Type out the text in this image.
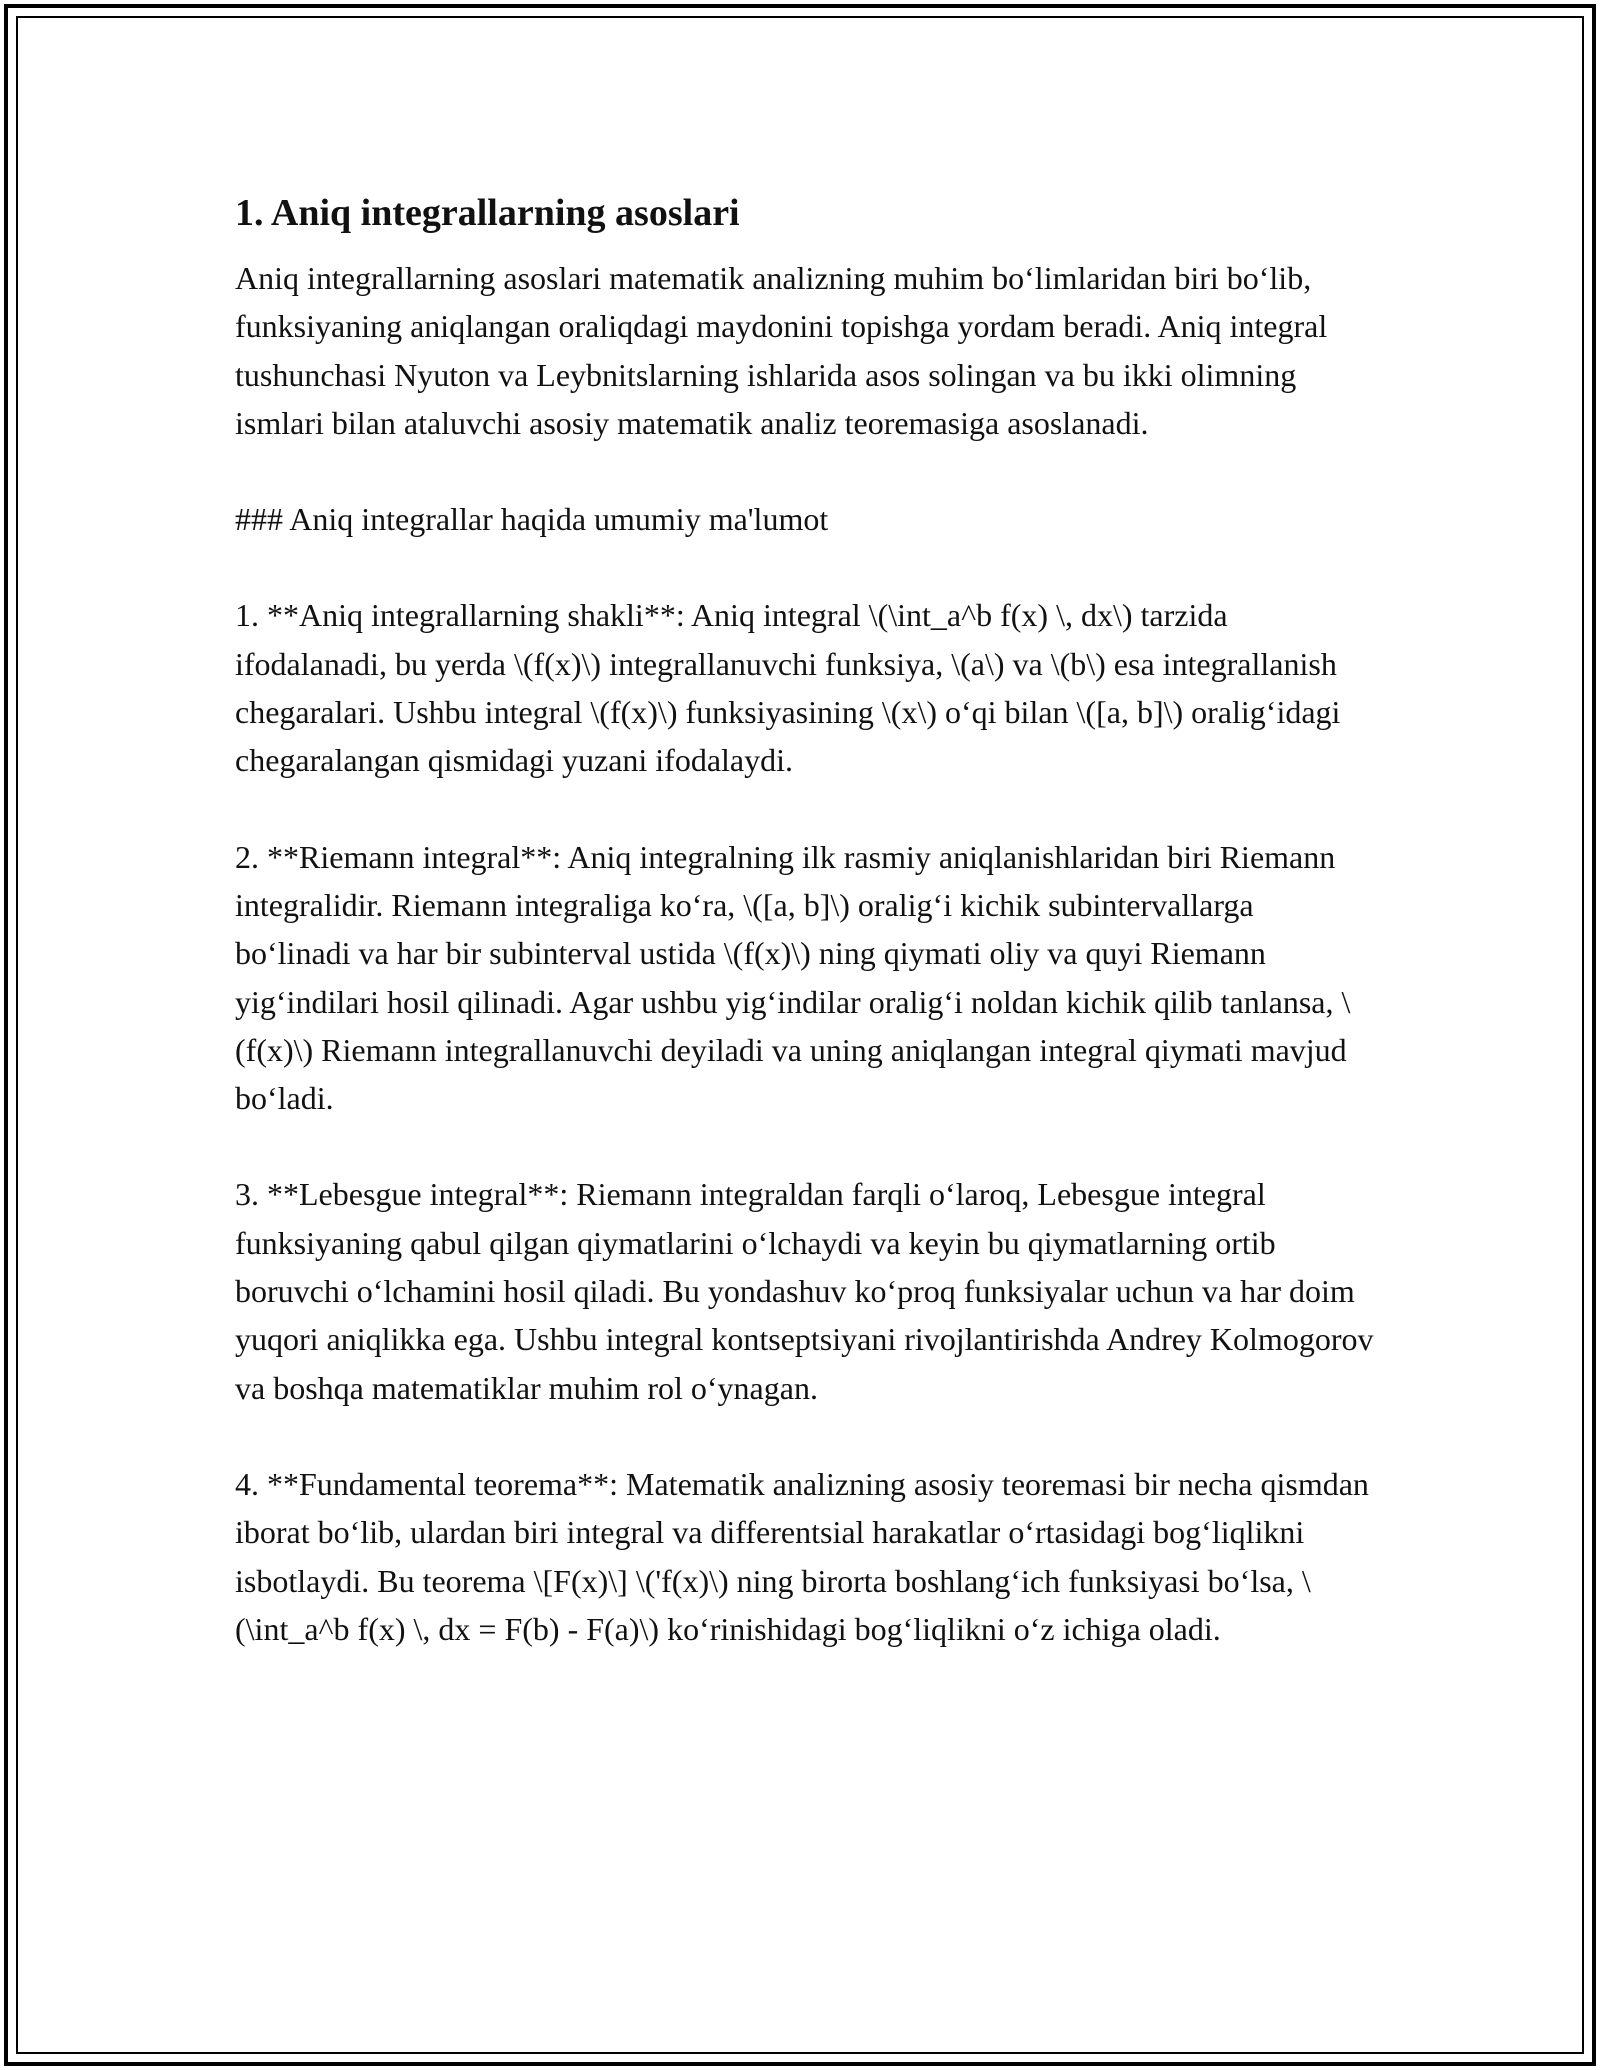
1. Aniq integrallarning asoslari

Aniq integrallarning asoslari matematik analizning muhim bo‘limlaridan biri bo‘lib, funksiyaning aniqlangan oraliqdagi maydonini topishga yordam beradi. Aniq integral tushunchasi Nyuton va Leybnitslarning ishlarida asos solingan va bu ikki olimning ismlari bilan ataluvchi asosiy matematik analiz teoremasiga asoslanadi.

### Aniq integrallar haqida umumiy ma'lumot

1. **Aniq integrallarning shakli**: Aniq integral \(\int_a^b f(x) \, dx\) tarzida ifodalanadi, bu yerda \(f(x)\) integrallanuvchi funksiya, \(a\) va \(b\) esa integrallanish chegaralari. Ushbu integral \(f(x)\) funksiyasining \(x\) o‘qi bilan \([a, b]\) oralig‘idagi chegaralangan qismidagi yuzani ifodalaydi.

2. **Riemann integral**: Aniq integralning ilk rasmiy aniqlanishlaridan biri Riemann integralidir. Riemann integraliga ko‘ra, \([a, b]\) oralig‘i kichik subintervallarga bo‘linadi va har bir subinterval ustida \(f(x)\) ning qiymati oliy va quyi Riemann yig‘indilari hosil qilinadi. Agar ushbu yig‘indilar oralig‘i noldan kichik qilib tanlansa, \(f(x)\) Riemann integrallanuvchi deyiladi va uning aniqlangan integral qiymati mavjud bo‘ladi.

3. **Lebesgue integral**: Riemann integraldan farqli o‘laroq, Lebesgue integral funksiyaning qabul qilgan qiymatlarini o‘lchaydi va keyin bu qiymatlarning ortib boruvchi o‘lchamini hosil qiladi. Bu yondashuv ko‘proq funksiyalar uchun va har doim yuqori aniqlikka ega. Ushbu integral kontseptsiyani rivojlantirishda Andrey Kolmogorov va boshqa matematiklar muhim rol o‘ynagan.

4. **Fundamental teorema**: Matematik analizning asosiy teoremasi bir necha qismdan iborat bo‘lib, ulardan biri integral va differentsial harakatlar o‘rtasidagi bog‘liqlikni isbotlaydi. Bu teorema \[F(x)\] \('f(x)\) ning birorta boshlang‘ich funksiyasi bo‘lsa, \(\int_a^b f(x) \, dx = F(b) - F(a)\) ko‘rinishidagi bog‘liqlikni o‘z ichiga oladi.
